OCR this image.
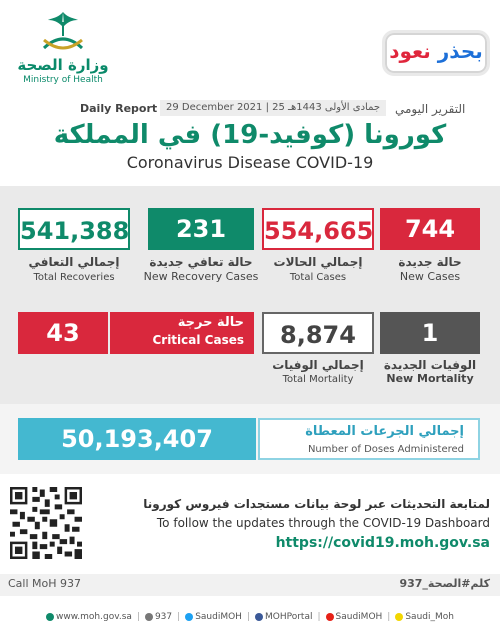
وزارة الصحة
Ministry of Health
بحذر نعود
التقرير اليومي
29 December 2021 | 25 جمادى الأولى 1443هـ
Daily Report
كورونا (كوفيد-19) في المملكة
Coronavirus Disease COVID-19
541,388
إجمالي التعافي
Total Recoveries
231
حالة تعافي جديدة
New Recovery Cases
554,665
إجمالي الحالات
Total Cases
744
حالة جديدة
New Cases
43	حالة حرجة
Critical Cases	8,874
إجمالي الوفيات
Total Mortality
1
الوفيات الجديدة
New Mortality
50,193,407	إجمالي الجرعات المعطاة
Number of Doses Administered
لمتابعة التحديثات عبر لوحة بيانات مستجدات فيروس كورونا
To follow the updates through the COVID-19 Dashboard
https://covid19.moh.gov.sa
Call MoH 937	كلم#الصحة_937
www.moh.gov.sa | 937 | SaudiMOH | MOHPortal | SaudiMOH | Saudi_Moh
